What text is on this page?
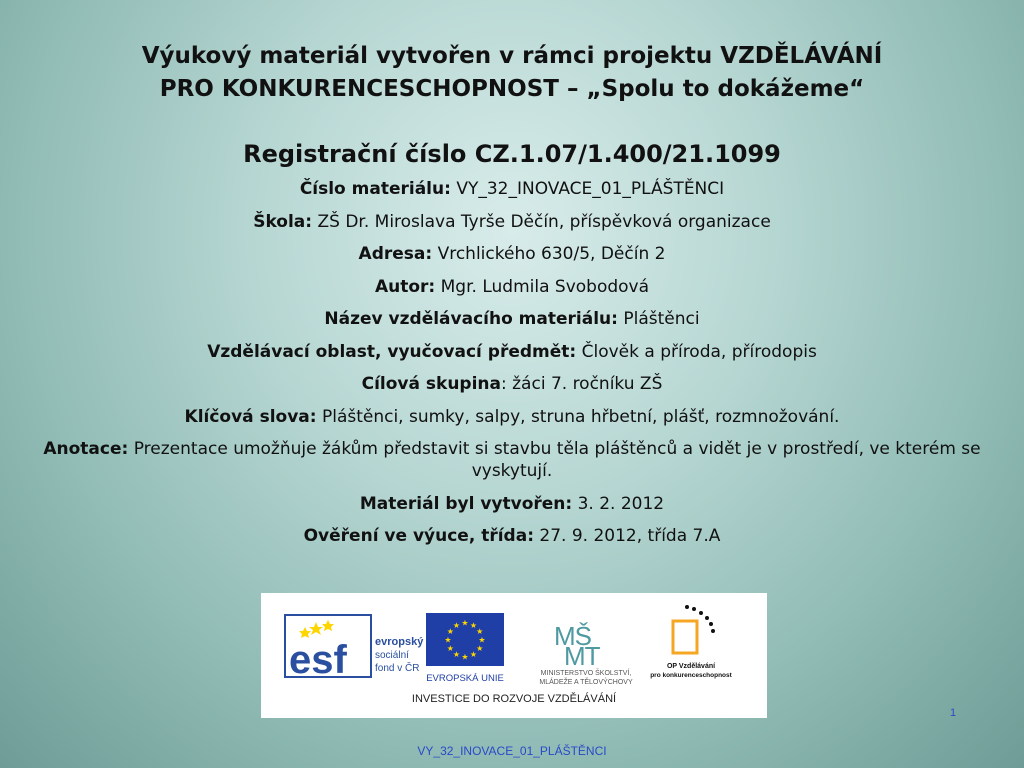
Výukový materiál vytvořen v rámci projektu VZDĚLÁVÁNÍ
PRO KONKURENCESCHOPNOST – „Spolu to dokážeme“
Registrační číslo CZ.1.07/1.400/21.1099
Číslo materiálu: VY_32_INOVACE_01_PLÁŠTĚNCI
Škola: ZŠ Dr. Miroslava Tyrše Děčín, příspěvková organizace
Adresa: Vrchlického 630/5, Děčín 2
Autor: Mgr. Ludmila Svobodová
Název vzdělávacího materiálu: Pláštěnci
Vzdělávací oblast, vyučovací předmět: Člověk a příroda, přírodopis
Cílová skupina: žáci 7. ročníku ZŠ
Klíčová slova: Pláštěnci, sumky, salpy, struna hřbetní, plášť, rozmnožování.
Anotace: Prezentace umožňuje žákům představit si stavbu těla pláštěnců a vidět je v prostředí, ve kterém se vyskytují.
Materiál byl vytvořen: 3. 2. 2012
Ověření ve výuce, třída: 27. 9. 2012, třída 7.A
esf	evropský
sociální
fond v ČR
★ ★
★
★
★
★
★
★
★
★
★
★
EVROPSKÁ UNIE
MŠ
MT
MINISTERSTVO ŠKOLSTVÍ,
MLÁDEŽE A TĚLOVÝCHOVY
OP Vzdělávání
pro konkurenceschopnost
INVESTICE DO ROZVOJE VZDĚLÁVÁNÍ
1
VY_32_INOVACE_01_PLÁŠTĚNCI
